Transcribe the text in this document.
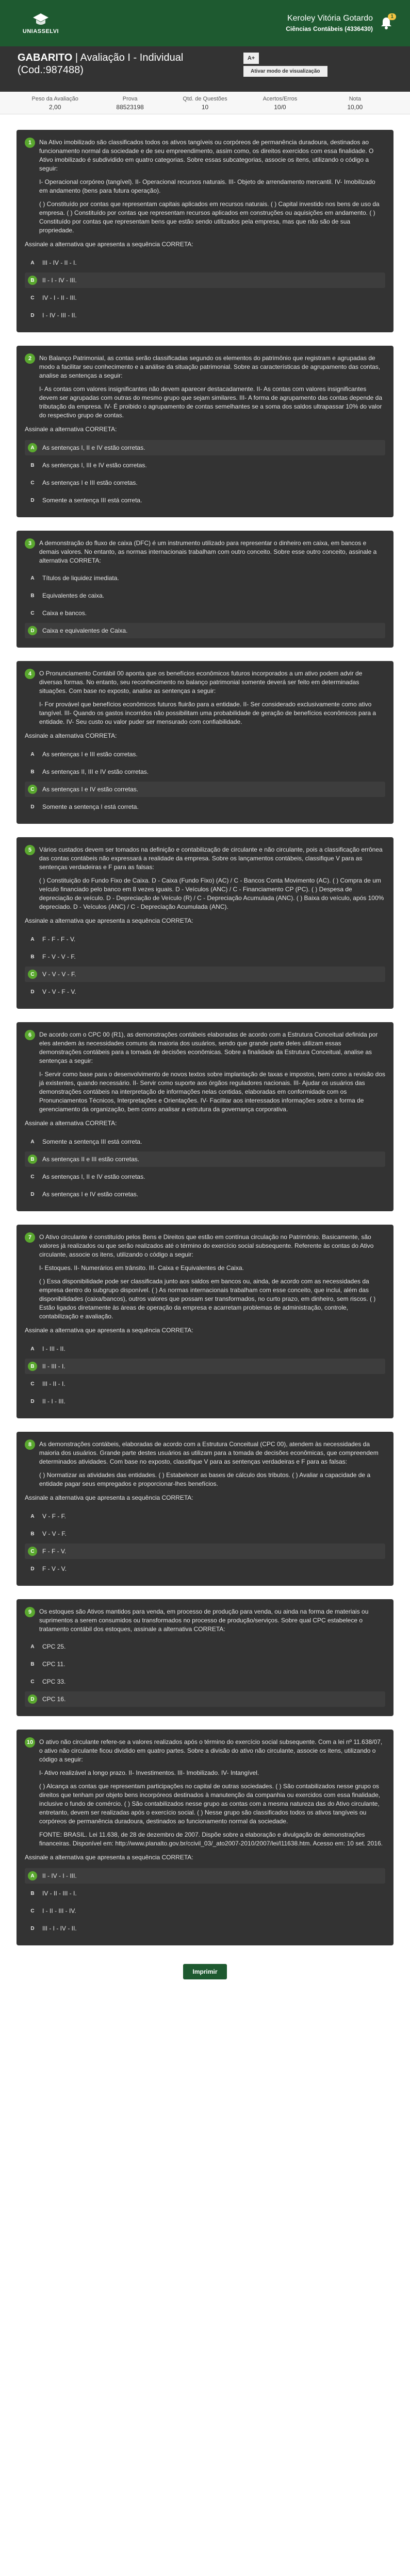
UNIASSELVI
Keroley Vitória Gotardo
Ciências Contábeis (4336430)
1
GABARITO | Avaliação I - Individual
(Cod.:987488)
A+
Ativar modo de visualização
Peso da Avaliação
2,00
Prova
88523198
Qtd. de Questões
10
Acertos/Erros
10/0
Nota
10,00
1	Na Ativo imobilizado são classificados todos os ativos tangíveis ou corpóreos de permanência duradoura, destinados ao funcionamento normal da sociedade e de seu empreendimento, assim como, os direitos exercidos com essa finalidade. O Ativo imobilizado é subdividido em quatro categorias. Sobre essas subcategorias, associe os itens, utilizando o código a seguir:

I- Operacional corpóreo (tangível). II- Operacional recursos naturais. III- Objeto de arrendamento mercantil. IV- Imobilizado em andamento (bens para futura operação).

( ) Constituído por contas que representam capitais aplicados em recursos naturais. ( ) Capital investido nos bens de uso da empresa. ( ) Constituído por contas que representam recursos aplicados em construções ou aquisições em andamento. ( ) Constituído por contas que representam bens que estão sendo utilizados pela empresa, mas que não são de sua propriedade.

Assinale a alternativa que apresenta a sequência CORRETA:

A	III - IV - II - I.
B	II - I - IV - III.
C	IV - I - II - III.
D	I - IV - III - II.
2	No Balanço Patrimonial, as contas serão classificadas segundo os elementos do patrimônio que registram e agrupadas de modo a facilitar seu conhecimento e a análise da situação patrimonial. Sobre as características de agrupamento das contas, analise as sentenças a seguir:

I- As contas com valores insignificantes não devem aparecer destacadamente. II- As contas com valores insignificantes devem ser agrupadas com outras do mesmo grupo que sejam similares. III- A forma de agrupamento das contas depende da tributação da empresa. IV- É proibido o agrupamento de contas semelhantes se a soma dos saldos ultrapassar 10% do valor do respectivo grupo de contas.

Assinale a alternativa CORRETA:

A	As sentenças I, II e IV estão corretas.
B	As sentenças I, III e IV estão corretas.
C	As sentenças I e III estão corretas.
D	Somente a sentença III está correta.
3	A demonstração do fluxo de caixa (DFC) é um instrumento utilizado para representar o dinheiro em caixa, em bancos e demais valores. No entanto, as normas internacionais trabalham com outro conceito. Sobre esse outro conceito, assinale a alternativa CORRETA:

A	Títulos de liquidez imediata.
B	Equivalentes de caixa.
C	Caixa e bancos.
D	Caixa e equivalentes de Caixa.
4	O Pronunciamento Contábil 00 aponta que os benefícios econômicos futuros incorporados a um ativo podem advir de diversas formas. No entanto, seu reconhecimento no balanço patrimonial somente deverá ser feito em determinadas situações. Com base no exposto, analise as sentenças a seguir:

I- For provável que benefícios econômicos futuros fluirão para a entidade. II- Ser considerado exclusivamente como ativo tangível. III- Quando os gastos incorridos não possibilitam uma probabilidade de geração de benefícios econômicos para a entidade. IV- Seu custo ou valor puder ser mensurado com confiabilidade.

Assinale a alternativa CORRETA:

A	As sentenças I e III estão corretas.
B	As sentenças II, III e IV estão corretas.
C	As sentenças I e IV estão corretas.
D	Somente a sentença I está correta.
5	Vários custados devem ser tomados na definição e contabilização de circulante e não circulante, pois a classificação errônea das contas contábeis não expressará a realidade da empresa. Sobre os lançamentos contábeis, classifique V para as sentenças verdadeiras e F para as falsas:

( ) Constituição do Fundo Fixo de Caixa. D - Caixa (Fundo Fixo) (AC) / C - Bancos Conta Movimento (AC). ( ) Compra de um veículo financiado pelo banco em 8 vezes iguais. D - Veículos (ANC) / C - Financiamento CP (PC). ( ) Despesa de depreciação de veículo. D - Depreciação de Veículo (R) / C - Depreciação Acumulada (ANC). ( ) Baixa do veículo, após 100% depreciado. D - Veículos (ANC) / C - Depreciação Acumulada (ANC).

Assinale a alternativa que apresenta a sequência CORRETA:

A	F - F - F - V.
B	F - V - V - F.
C	V - V - V - F.
D	V - V - F - V.
6	De acordo com o CPC 00 (R1), as demonstrações contábeis elaboradas de acordo com a Estrutura Conceitual definida por eles atendem às necessidades comuns da maioria dos usuários, sendo que grande parte deles utilizam essas demonstrações contábeis para a tomada de decisões econômicas. Sobre a finalidade da Estrutura Conceitual, analise as sentenças a seguir:

I- Servir como base para o desenvolvimento de novos textos sobre implantação de taxas e impostos, bem como a revisão dos já existentes, quando necessário. II- Servir como suporte aos órgãos reguladores nacionais. III- Ajudar os usuários das demonstrações contábeis na interpretação de informações nelas contidas, elaboradas em conformidade com os Pronunciamentos Técnicos, Interpretações e Orientações. IV- Facilitar aos interessados informações sobre a forma de gerenciamento da organização, bem como analisar a estrutura da governança corporativa.

Assinale a alternativa CORRETA:

A	Somente a sentença III está correta.
B	As sentenças II e III estão corretas.
C	As sentenças I, II e IV estão corretas.
D	As sentenças I e IV estão corretas.
7	O Ativo circulante é constituído pelos Bens e Direitos que estão em contínua circulação no Patrimônio. Basicamente, são valores já realizados ou que serão realizados até o término do exercício social subsequente. Referente às contas do Ativo circulante, associe os itens, utilizando o código a seguir:

I- Estoques. II- Numerários em trânsito. III- Caixa e Equivalentes de Caixa.

( ) Essa disponibilidade pode ser classificada junto aos saldos em bancos ou, ainda, de acordo com as necessidades da empresa dentro do subgrupo disponível. ( ) As normas internacionais trabalham com esse conceito, que inclui, além das disponibilidades (caixa/bancos), outros valores que possam ser transformados, no curto prazo, em dinheiro, sem riscos. ( ) Estão ligados diretamente às áreas de operação da empresa e acarretam problemas de administração, controle, contabilização e avaliação.

Assinale a alternativa que apresenta a sequência CORRETA:

A	I - III - II.
B	II - III - I.
C	III - II - I.
D	II - I - III.
8	As demonstrações contábeis, elaboradas de acordo com a Estrutura Conceitual (CPC 00), atendem às necessidades da maioria dos usuários. Grande parte destes usuários as utilizam para a tomada de decisões econômicas, que compreendem determinados atividades. Com base no exposto, classifique V para as sentenças verdadeiras e F para as falsas:

( ) Normatizar as atividades das entidades. ( ) Estabelecer as bases de cálculo dos tributos. ( ) Avaliar a capacidade de a entidade pagar seus empregados e proporcionar-lhes benefícios.

Assinale a alternativa que apresenta a sequência CORRETA:

A	V - F - F.
B	V - V - F.
C	F - F - V.
D	F - V - V.
9	Os estoques são Ativos mantidos para venda, em processo de produção para venda, ou ainda na forma de materiais ou suprimentos a serem consumidos ou transformados no processo de produção/serviços. Sobre qual CPC estabelece o tratamento contábil dos estoques, assinale a alternativa CORRETA:

A	CPC 25.
B	CPC 11.
C	CPC 33.
D	CPC 16.
10 O ativo não circulante refere-se a valores realizados após o término do exercício social subsequente. Com a lei nº 11.638/07, o ativo não circulante ficou dividido em quatro partes. Sobre a divisão do ativo não circulante, associe os itens, utilizando o código a seguir:

I- Ativo realizável a longo prazo. II- Investimentos. III- Imobilizado. IV- Intangível.

( ) Alcança as contas que representam participações no capital de outras sociedades. ( ) São contabilizados nesse grupo os direitos que tenham por objeto bens incorpóreos destinados à manutenção da companhia ou exercidos com essa finalidade, inclusive o fundo de comércio. ( ) São contabilizados nesse grupo as contas com a mesma natureza das do Ativo circulante, entretanto, devem ser realizadas após o exercício social. ( ) Nesse grupo são classificados todos os ativos tangíveis ou corpóreos de permanência duradoura, destinados ao funcionamento normal da sociedade.

FONTE: BRASIL. Lei 11.638, de 28 de dezembro de 2007. Dispõe sobre a elaboração e divulgação de demonstrações financeiras. Disponível em: http://www.planalto.gov.br/ccivil_03/_ato2007-2010/2007/lei/l11638.htm. Acesso em: 10 set. 2016.

Assinale a alternativa que apresenta a sequência CORRETA:

A	II - IV - I - III.
B	IV - II - III - I.
C	I - II - III - IV.
D	III - I - IV - II.
Imprimir
